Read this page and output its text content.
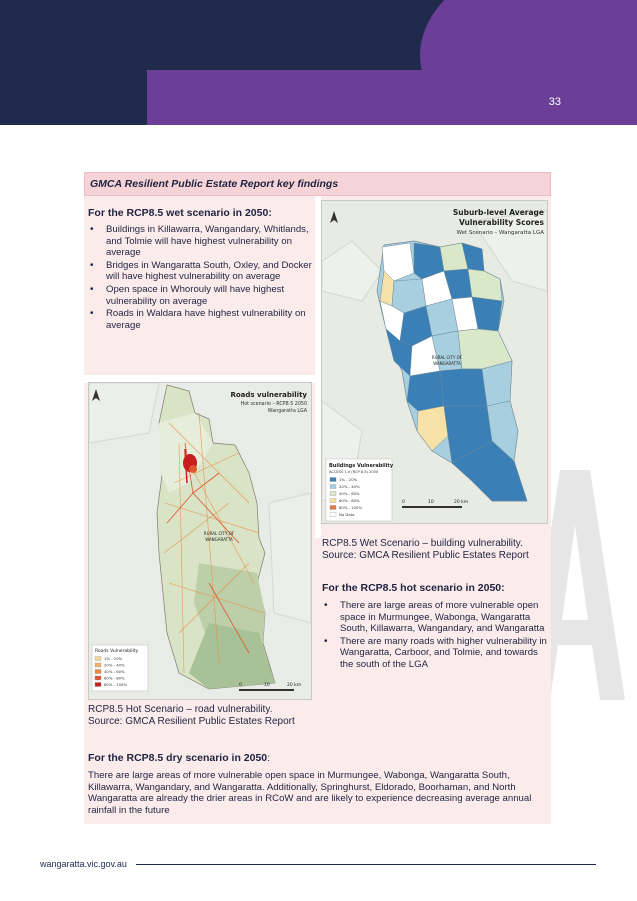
33
GMCA Resilient Public Estate Report key findings
For the RCP8.5 wet scenario in 2050:
• Buildings in Killawarra, Wangandary, Whitlands, and Tolmie will have highest vulnerability on average
• Bridges in Wangaratta South, Oxley, and Docker will have highest vulnerability on average
• Open space in Whorouly will have highest vulnerability on average
• Roads in Waldara have highest vulnerability on average
Suburb-level Average
Vulnerability Scores
Wet Scenario – Wangaratta LGA
RURAL CITY OF
WANGARATTA
Buildings Vulnerability
ACCESS 1.0 (RCP 8.5) 2050
1% - 20%
20% - 40%
40% - 60%
60% - 80%
80% - 100%
No Data
0	10	20 km
RCP8.5 Wet Scenario – building vulnerability.
Source: GMCA Resilient Public Estates Report
Roads vulnerability
Hot scenario – RCP8.5 2050
Wangaratta LGA
RURAL CITY OF
WANGARATTA
Roads Vulnerability
1% - 20%
20% - 40%
40% - 60%
60% - 80%
80% - 100%	0	10	20 km
RCP8.5 Hot Scenario – road vulnerability.
Source: GMCA Resilient Public Estates Report
For the RCP8.5 hot scenario in 2050:
• There are large areas of more vulnerable open space in Murmungee, Wabonga, Wangaratta South, Killawarra, Wangandary, and Wangaratta
• There are many roads with higher vulnerability in Wangaratta, Carboor, and Tolmie, and towards the south of the LGA
For the RCP8.5 dry scenario in 2050:
There are large areas of more vulnerable open space in Murmungee, Wabonga, Wangaratta South, Killawarra, Wangandary, and Wangaratta. Additionally, Springhurst, Eldorado, Boorhaman, and North Wangaratta are already the drier areas in RCoW and are likely to experience decreasing average annual rainfall in the future
wangaratta.vic.gov.au
